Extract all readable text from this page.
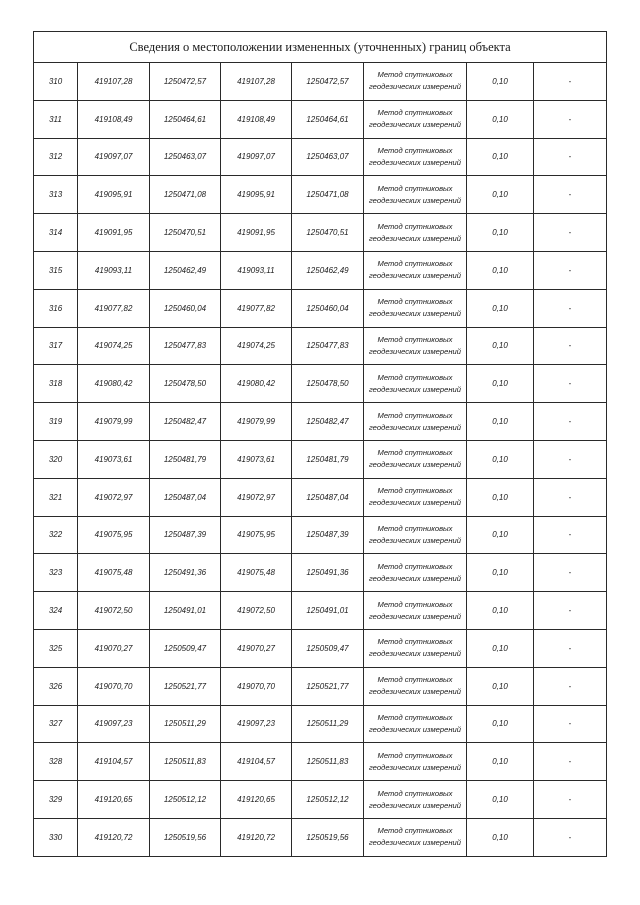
Сведения о местоположении измененных (уточненных) границ объекта							
310	419107,28	1250472,57	419107,28	1250472,57	Метод спутниковых геодезических измерений	0,10	-
311	419108,49	1250464,61	419108,49	1250464,61	Метод спутниковых геодезических измерений	0,10	-
312	419097,07	1250463,07	419097,07	1250463,07	Метод спутниковых геодезических измерений	0,10	-
313	419095,91	1250471,08	419095,91	1250471,08	Метод спутниковых геодезических измерений	0,10	-
314	419091,95	1250470,51	419091,95	1250470,51	Метод спутниковых геодезических измерений	0,10	-
315	419093,11	1250462,49	419093,11	1250462,49	Метод спутниковых геодезических измерений	0,10	-
316	419077,82	1250460,04	419077,82	1250460,04	Метод спутниковых геодезических измерений	0,10	-
317	419074,25	1250477,83	419074,25	1250477,83	Метод спутниковых геодезических измерений	0,10	-
318	419080,42	1250478,50	419080,42	1250478,50	Метод спутниковых геодезических измерений	0,10	-
319	419079,99	1250482,47	419079,99	1250482,47	Метод спутниковых геодезических измерений	0,10	-
320	419073,61	1250481,79	419073,61	1250481,79	Метод спутниковых геодезических измерений	0,10	-
321	419072,97	1250487,04	419072,97	1250487,04	Метод спутниковых геодезических измерений	0,10	-
322	419075,95	1250487,39	419075,95	1250487,39	Метод спутниковых геодезических измерений	0,10	-
323	419075,48	1250491,36	419075,48	1250491,36	Метод спутниковых геодезических измерений	0,10	-
324	419072,50	1250491,01	419072,50	1250491,01	Метод спутниковых геодезических измерений	0,10	-
325	419070,27	1250509,47	419070,27	1250509,47	Метод спутниковых геодезических измерений	0,10	-
326	419070,70	1250521,77	419070,70	1250521,77	Метод спутниковых геодезических измерений	0,10	-
327	419097,23	1250511,29	419097,23	1250511,29	Метод спутниковых геодезических измерений	0,10	-
328	419104,57	1250511,83	419104,57	1250511,83	Метод спутниковых геодезических измерений	0,10	-
329	419120,65	1250512,12	419120,65	1250512,12	Метод спутниковых геодезических измерений	0,10	-
330	419120,72	1250519,56	419120,72	1250519,56	Метод спутниковых геодезических измерений	0,10	-
